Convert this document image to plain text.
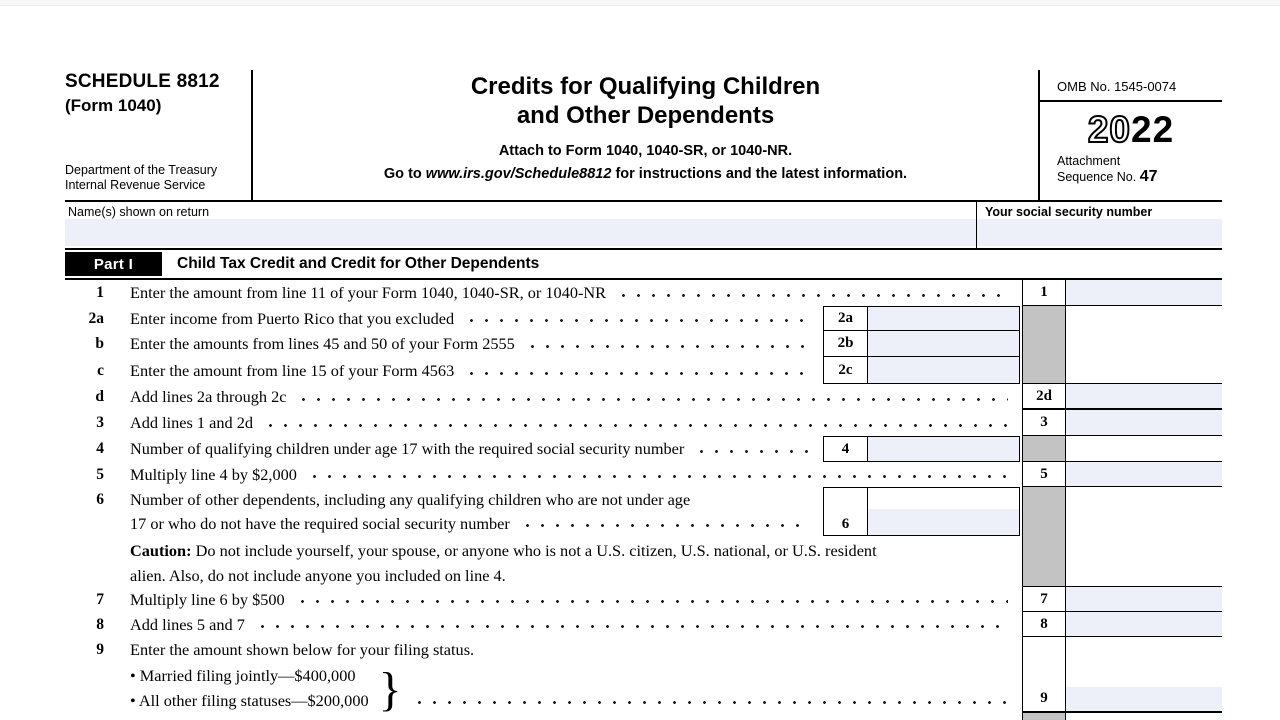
SCHEDULE 8812
(Form 1040)
Department of the Treasury
Internal Revenue Service
Credits for Qualifying Children
and Other Dependents
Attach to Form 1040, 1040-SR, or 1040-NR.
Go to www.irs.gov/Schedule8812 for instructions and the latest information.
OMB No. 1545-0074
2022
Attachment
Sequence No. 47
Name(s) shown on return	Your social security number
Part I	Child Tax Credit and Credit for Other Dependents
1	Enter the amount from line 11 of your Form 1040, 1040-SR, or 1040-NR	1
2a	Enter income from Puerto Rico that you excluded	2a
b	Enter the amounts from lines 45 and 50 of your Form 2555	2b
c	Enter the amount from line 15 of your Form 4563	2c
d	Add lines 2a through 2c	2d
3	Add lines 1 and 2d	3
4	Number of qualifying children under age 17 with the required social security number	4
5	Multiply line 4 by $2,000	5
6	Number of other dependents, including any qualifying children who are not under age
17 or who do not have the required social security number	6
Caution: Do not include yourself, your spouse, or anyone who is not a U.S. citizen, U.S. national, or U.S. resident
alien. Also, do not include anyone you included on line 4.
7	Multiply line 6 by $500	7
8	Add lines 5 and 7	8
9	Enter the amount shown below for your filing status.
• Married filing jointly—$400,000
• All other filing statuses—$200,000 }	9
